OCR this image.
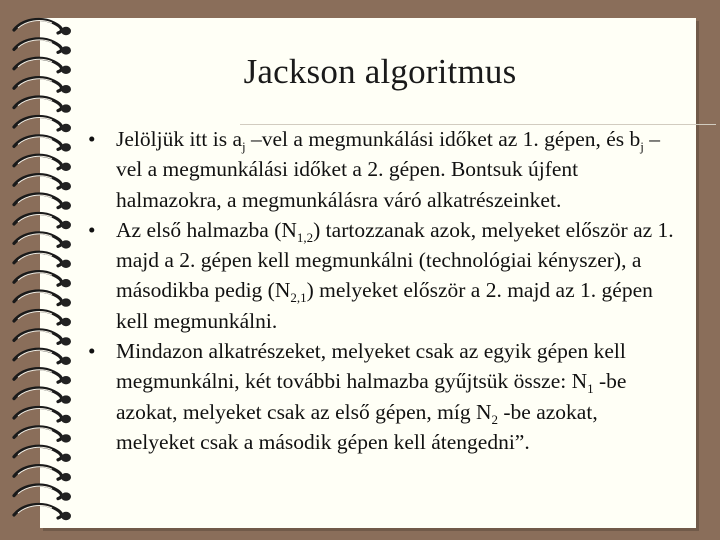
Jackson algoritmus
• Jelöljük itt is $a_j$ –vel a megmunkálási időket az 1. gépen, és $b_j$ –vel a megmunkálási időket a 2. gépen. Bontsuk újfent halmazokra, a megmunkálásra váró alkatrészeinket.
• Az első halmazba $(N_{1,2})$ tartozzanak azok, melyeket először az 1. majd a 2. gépen kell megmunkálni (technológiai kényszer), a másodikba pedig $(N_{2,1})$ melyeket először a 2. majd az 1. gépen kell megmunkálni.
• Mindazon alkatrészeket, melyeket csak az egyik gépen kell megmunkálni, két további halmazba gyűjtsük össze: $N_1$ -be azokat, melyeket csak az első gépen, míg $N_2$ -be azokat, melyeket csak a második gépen kell átengedni”.
